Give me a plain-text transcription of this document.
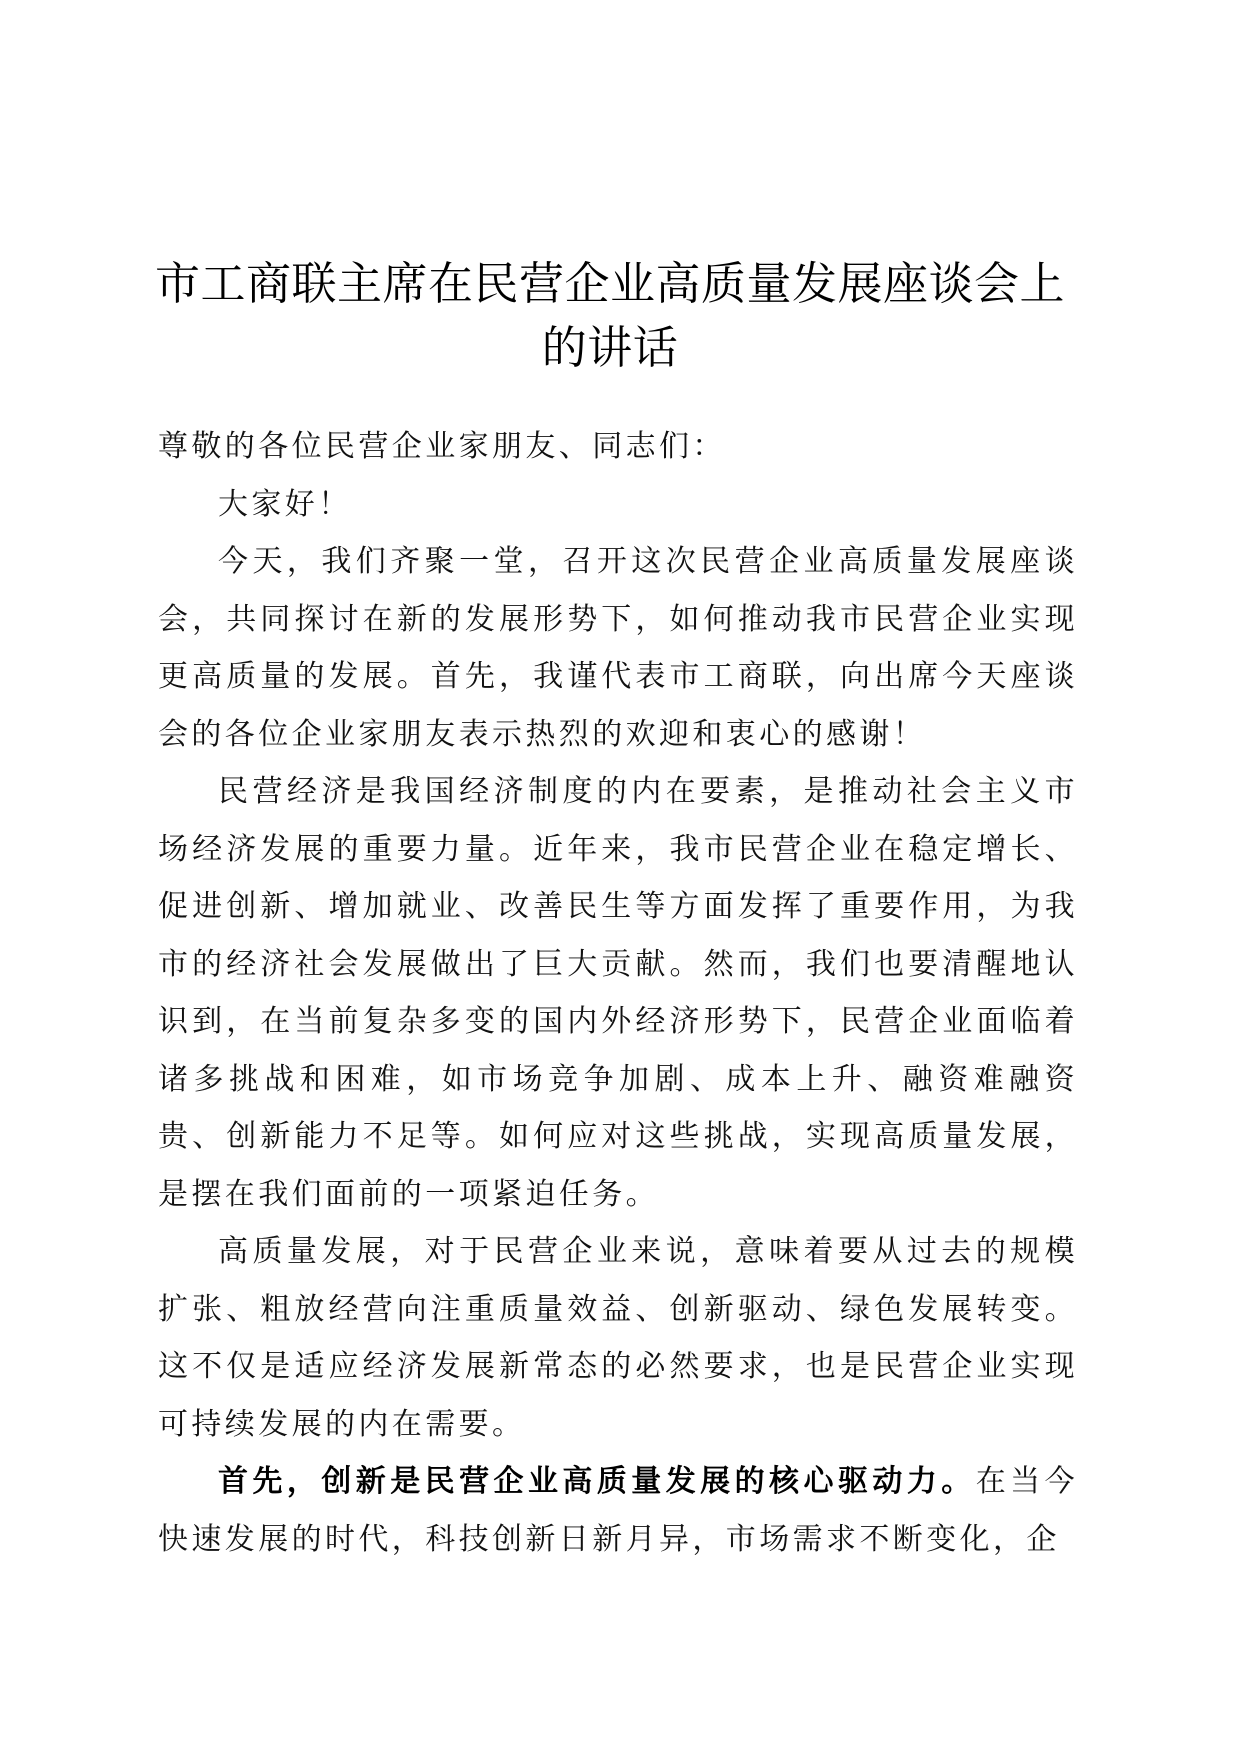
市工商联主席在民营企业高质量发展座谈会上的讲话

尊敬的各位民营企业家朋友、同志们：

大家好！

今天，我们齐聚一堂，召开这次民营企业高质量发展座谈会，共同探讨在新的发展形势下，如何推动我市民营企业实现更高质量的发展。首先，我谨代表市工商联，向出席今天座谈会的各位企业家朋友表示热烈的欢迎和衷心的感谢！

民营经济是我国经济制度的内在要素，是推动社会主义市场经济发展的重要力量。近年来，我市民营企业在稳定增长、促进创新、增加就业、改善民生等方面发挥了重要作用，为我市的经济社会发展做出了巨大贡献。然而，我们也要清醒地认识到，在当前复杂多变的国内外经济形势下，民营企业面临着诸多挑战和困难，如市场竞争加剧、成本上升、融资难融资贵、创新能力不足等。如何应对这些挑战，实现高质量发展，是摆在我们面前的一项紧迫任务。

高质量发展，对于民营企业来说，意味着要从过去的规模扩张、粗放经营向注重质量效益、创新驱动、绿色发展转变。这不仅是适应经济发展新常态的必然要求，也是民营企业实现可持续发展的内在需要。

首先，创新是民营企业高质量发展的核心驱动力。在当今快速发展的时代，科技创新日新月异，市场需求不断变化，企
